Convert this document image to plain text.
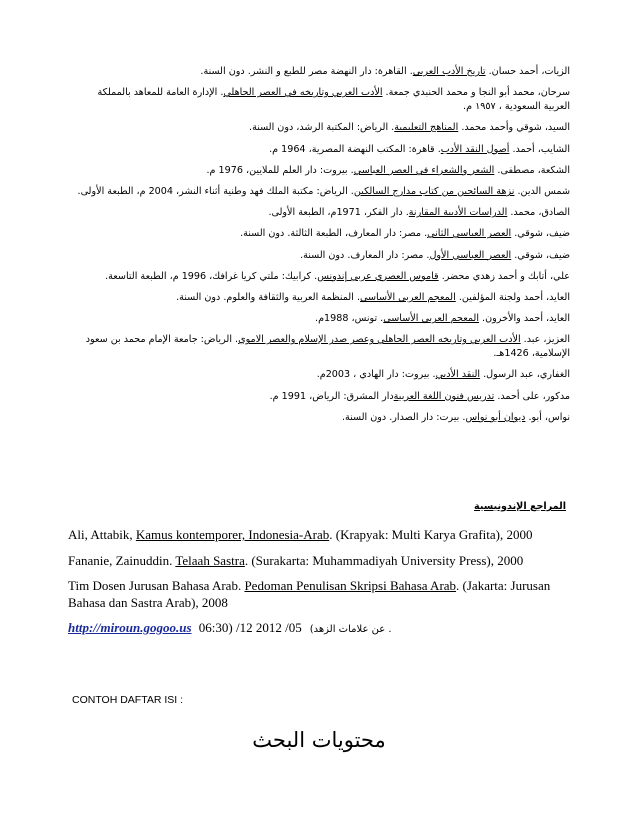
الزيات، أحمد حسان. تاريخ الأدب العربي. القاهرة: دار النهضة مصر للطبع و النشر. دون السنة.
سرحان، محمد أبو النجا و محمد الحنبدي جمعة. الأدب العربي وتاريخه في العصر الجاهلي. الإدارة العامة للمعاهد بالمملكة العربية السعودية ، ١٩٥٧ م.
السيد، شوقي وأحمد محمد. المناهج التعليمية. الرياض: المكتبة الرشد، دون السنة.
الشايب، أحمد. أصول النقد الأدب. قاهرة: المكتب النهضة المصرية، 1964 م.
الشكعة، مصطفى. الشعر والشعراء في العصر العباسي. بيروت: دار العلم للملايين، 1976 م.
شمس الدين. نزهة السائحين من كتاب مدارج السالكين. الرياض: مكتبة الملك فهد وطنية أثناء النشر، 2004 م، الطبعة الأولى.
الصادق، محمد. الدراسات الأدبية المقارنة. دار الفكر، 1971م، الطبعة الأولى.
ضيف، شوقي. العصر العباسي الثاني. مصر: دار المعارف، الطبعة الثالثة. دون السنة.
ضيف، شوقي. العصر العباسي الأول. مصر: دار المعارف. دون السنة.
علي، أتابك و أحمد زهدي محضر. قاموس العصري عربي إندونس. كرابيك: ملتي كريا غرافك، 1996 م، الطبعة التاسعة.
العايد، أحمد ولجنة المؤلفين. المعجم العربي الأساسي. المنظمة العربية والثقافة والعلوم. دون السنة.
العايد، أحمد والأخرون. المعجم العربي الأساسي. تونس، 1988م.
العزيز، عبد. الأدب العربي وتاريخه العصر الجاهلي وعصر صدر الإسلام والعصر الاموي. الرياض: جامعة الإمام محمد بن سعود الإسلامية، 1426هـ.
الغفاري، عبد الرسول. النقد الأدبي. بيروت: دار الهادي ، 2003م.
مدكور، على أحمد. تدريس فنون اللغة العربيةدار المشرق: الرياض، 1991 م.
نواس، أبو. ديوان أبو نواس. بيرت: دار الصدار. دون السنة.
المراجع الإندونيسية
Ali, Attabik, Kamus kontemporer, Indonesia-Arab. (Krapyak: Multi Karya Grafita), 2000
Fananie, Zainuddin. Telaah Sastra. (Surakarta: Muhammadiyah University Press), 2000
Tim Dosen Jurusan Bahasa Arab. Pedoman Penulisan Skripsi Bahasa Arab. (Jakarta: Jurusan Bahasa dan Sastra Arab), 2008
http://miroun.gogoo.us 06:30) /12 2012 /05 (عن علامات الزهد .
CONTOH DAFTAR ISI :
محتويات البحث
